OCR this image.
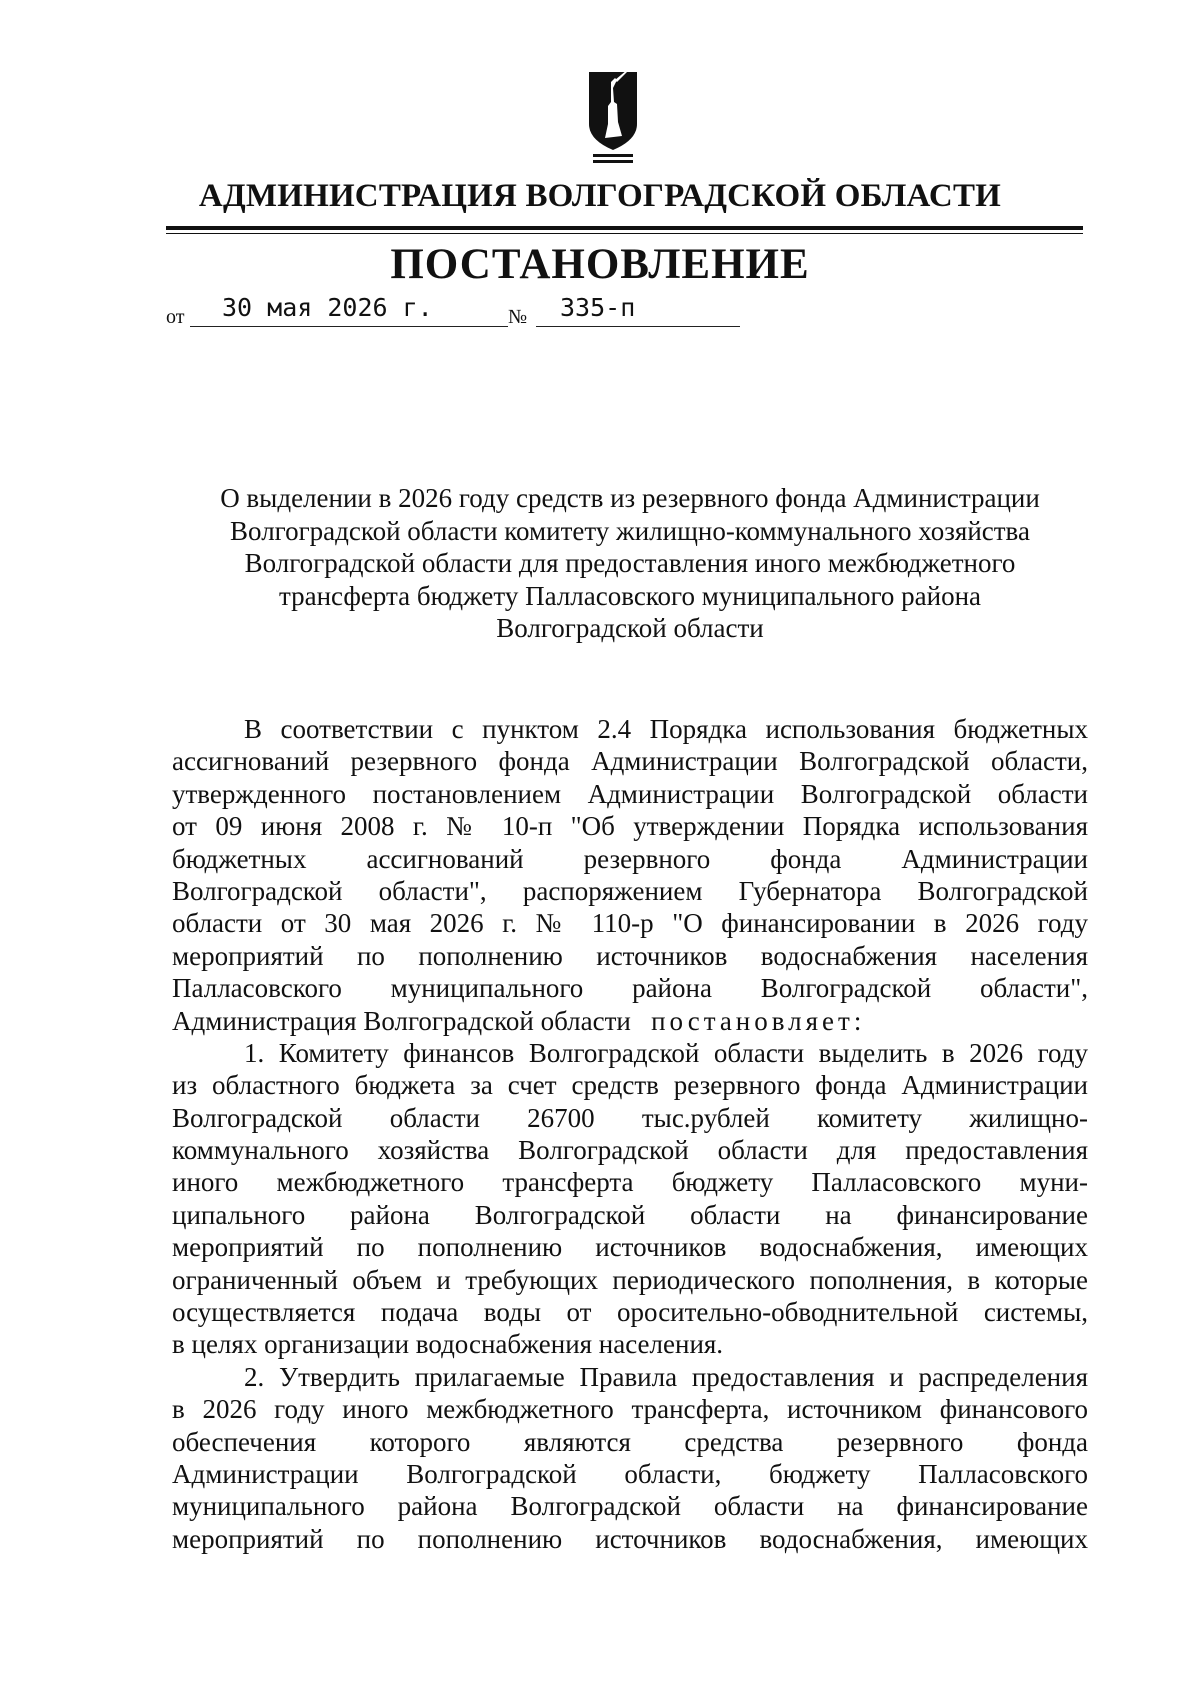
АДМИНИСТРАЦИЯ ВОЛГОГРАДСКОЙ ОБЛАСТИ
ПОСТАНОВЛЕНИЕ
от 30 мая 2026 г.	№ 335-п
О выделении в 2026 году средств из резервного фонда Администрации
Волгоградской области комитету жилищно-коммунального хозяйства
Волгоградской области для предоставления иного межбюджетного
трансферта бюджету Палласовского муниципального района
Волгоградской области
В соответствии с пунктом 2.4 Порядка использования бюджетных
ассигнований резервного фонда Администрации Волгоградской области,
утвержденного постановлением Администрации Волгоградской области
от 09 июня 2008 г. № 10-п "Об утверждении Порядка использования
бюджетных ассигнований резервного фонда Администрации
Волгоградской области", распоряжением Губернатора Волгоградской
области от 30 мая 2026 г. № 110-р "О финансировании в 2026 году
мероприятий по пополнению источников водоснабжения населения
Палласовского муниципального района Волгоградской области",
Администрация Волгоградской области постановляет:
1. Комитету финансов Волгоградской области выделить в 2026 году
из областного бюджета за счет средств резервного фонда Администрации
Волгоградской области 26700 тыс.рублей комитету жилищно-
коммунального хозяйства Волгоградской области для предоставления
иного межбюджетного трансферта бюджету Палласовского муни-
ципального района Волгоградской области на финансирование
мероприятий по пополнению источников водоснабжения, имеющих
ограниченный объем и требующих периодического пополнения, в которые
осуществляется подача воды от оросительно-обводнительной системы,
в целях организации водоснабжения населения.
2. Утвердить прилагаемые Правила предоставления и распределения
в 2026 году иного межбюджетного трансферта, источником финансового
обеспечения которого являются средства резервного фонда
Администрации Волгоградской области, бюджету Палласовского
муниципального района Волгоградской области на финансирование
мероприятий по пополнению источников водоснабжения, имеющих
